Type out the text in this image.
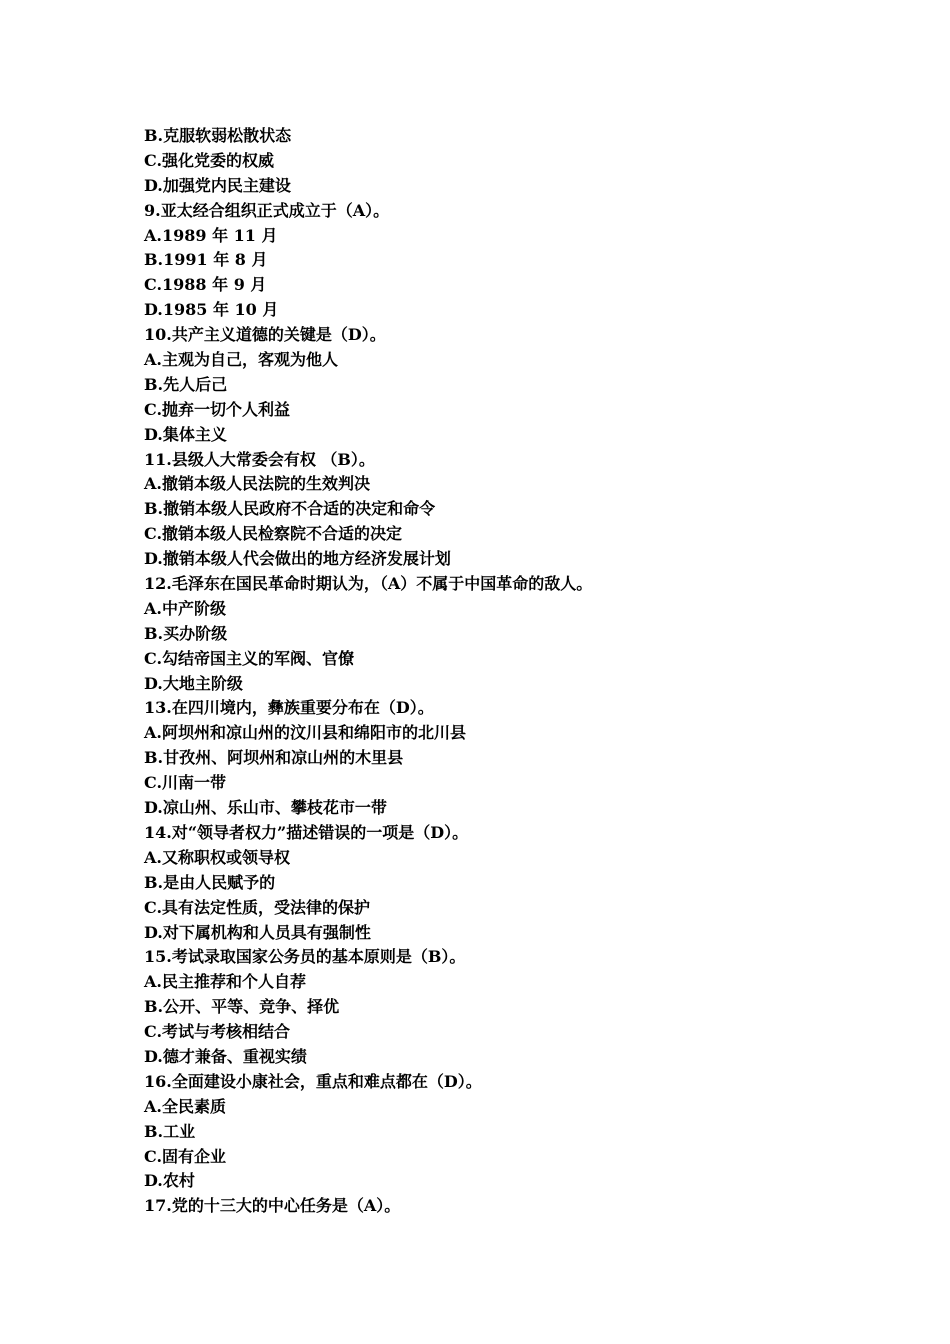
B.克服软弱松散状态
C.强化党委的权威
D.加强党内民主建设
9.亚太经合组织正式成立于（A）。
A.1989 年 11 月
B.1991 年 8 月
C.1988 年 9 月
D.1985 年 10 月
10.共产主义道德的关键是（D）。
A.主观为自己，客观为他人
B.先人后己
C.抛弃一切个人利益
D.集体主义
11.县级人大常委会有权 （B）。
A.撤销本级人民法院的生效判决
B.撤销本级人民政府不合适的决定和命令
C.撤销本级人民检察院不合适的决定
D.撤销本级人代会做出的地方经济发展计划
12.毛泽东在国民革命时期认为，（A）不属于中国革命的敌人。
A.中产阶级
B.买办阶级
C.勾结帝国主义的军阀、官僚
D.大地主阶级
13.在四川境内，彝族重要分布在（D）。
A.阿坝州和凉山州的汶川县和绵阳市的北川县
B.甘孜州、阿坝州和凉山州的木里县
C.川南一带
D.凉山州、乐山市、攀枝花市一带
14.对“领导者权力”描述错误的一项是（D）。
A.又称职权或领导权
B.是由人民赋予的
C.具有法定性质，受法律的保护
D.对下属机构和人员具有强制性
15.考试录取国家公务员的基本原则是（B）。
A.民主推荐和个人自荐
B.公开、平等、竞争、择优
C.考试与考核相结合
D.德才兼备、重视实绩
16.全面建设小康社会，重点和难点都在（D）。
A.全民素质
B.工业
C.固有企业
D.农村
17.党的十三大的中心任务是（A）。
